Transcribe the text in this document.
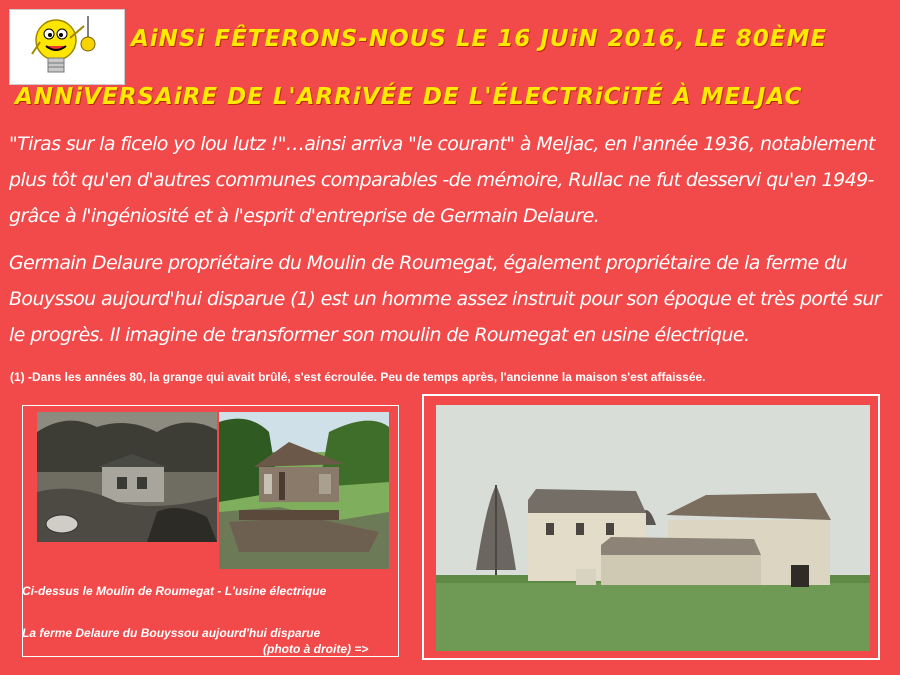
AiNSi FÊTERONS-NOUS LE 16 JUiN 2016, LE 80ÈME
ANNiVERSAiRE DE L'ARRiVÉE DE L'ÉLECTRiCiTÉ À MELJAC
"Tiras sur la ficelo yo lou lutz !"…ainsi arriva "le courant" à Meljac, en l'année 1936, notablement plus tôt qu'en d'autres communes comparables -de mémoire, Rullac ne fut desservi qu'en 1949- grâce à l'ingéniosité et à l'esprit d'entreprise de Germain Delaure.
Germain Delaure propriétaire du Moulin de Roumegat, également propriétaire de la ferme du Bouyssou aujourd'hui disparue (1) est un homme assez instruit pour son époque et très porté sur le progrès. Il imagine de transformer son moulin de Roumegat en usine électrique.
(1) -Dans les années 80, la grange qui avait brûlé, s'est écroulée. Peu de temps après, l'ancienne la maison s'est affaissée.
Ci-dessus le Moulin de Roumegat - L'usine électrique
La ferme Delaure du Bouyssou aujourd'hui disparue
(photo à droite) =>
